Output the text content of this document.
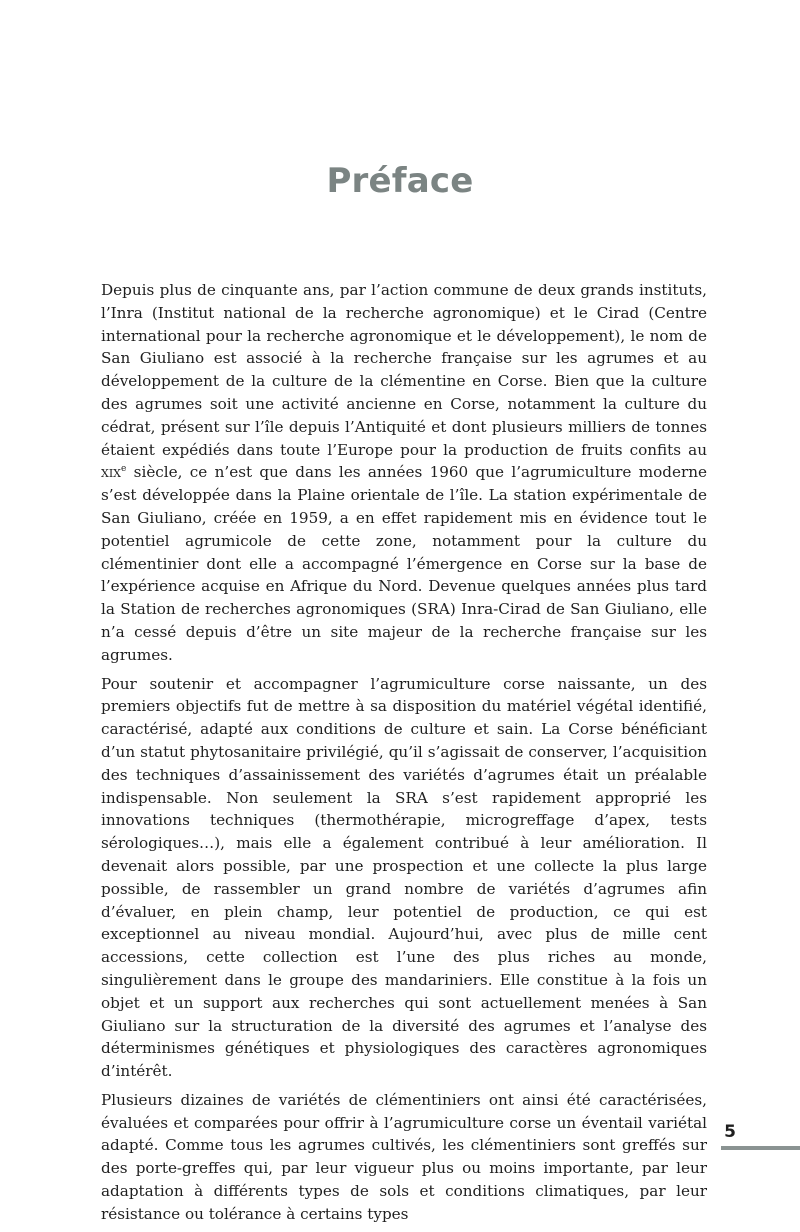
Préface

Depuis plus de cinquante ans, par l’action commune de deux grands instituts, l’Inra (Institut national de la recherche agronomique) et le Cirad (Centre international pour la recherche agronomique et le développement), le nom de San Giuliano est associé à la recherche française sur les agrumes et au développement de la culture de la clémentine en Corse. Bien que la culture des agrumes soit une activité ancienne en Corse, notamment la culture du cédrat, présent sur l’île depuis l’Antiquité et dont plusieurs milliers de tonnes étaient expédiés dans toute l’Europe pour la production de fruits confits au xix$^e$ siècle, ce n’est que dans les années 1960 que l’agrumiculture moderne s’est développée dans la Plaine orientale de l’île. La station expérimentale de San Giuliano, créée en 1959, a en effet rapidement mis en évidence tout le potentiel agrumicole de cette zone, notamment pour la culture du clémentinier dont elle a accompagné l’émergence en Corse sur la base de l’expérience acquise en Afrique du Nord. Devenue quelques années plus tard la Station de recherches agronomiques (SRA) Inra-Cirad de San Giuliano, elle n’a cessé depuis d’être un site majeur de la recherche française sur les agrumes.

Pour soutenir et accompagner l’agrumiculture corse naissante, un des premiers objectifs fut de mettre à sa disposition du matériel végétal identifié, caractérisé, adapté aux conditions de culture et sain. La Corse bénéficiant d’un statut phytosanitaire privilégié, qu’il s’agissait de conserver, l’acquisition des techniques d’assainissement des variétés d’agrumes était un préalable indispensable. Non seulement la SRA s’est rapidement approprié les innovations techniques (thermothérapie, microgreffage d’apex, tests sérologiques…), mais elle a également contribué à leur amélioration. Il devenait alors possible, par une prospection et une collecte la plus large possible, de rassembler un grand nombre de variétés d’agrumes afin d’évaluer, en plein champ, leur potentiel de production, ce qui est exceptionnel au niveau mondial. Aujourd’hui, avec plus de mille cent accessions, cette collection est l’une des plus riches au monde, singulièrement dans le groupe des mandariniers. Elle constitue à la fois un objet et un support aux recherches qui sont actuellement menées à San Giuliano sur la structuration de la diversité des agrumes et l’analyse des déterminismes génétiques et physiologiques des caractères agronomiques d’intérêt.

Plusieurs dizaines de variétés de clémentiniers ont ainsi été caractérisées, évaluées et comparées pour offrir à l’agrumiculture corse un éventail variétal adapté. Comme tous les agrumes cultivés, les clémentiniers sont greffés sur des porte-greffes qui, par leur vigueur plus ou moins importante, par leur adaptation à différents types de sols et conditions climatiques, par leur résistance ou tolérance à certains types

5
